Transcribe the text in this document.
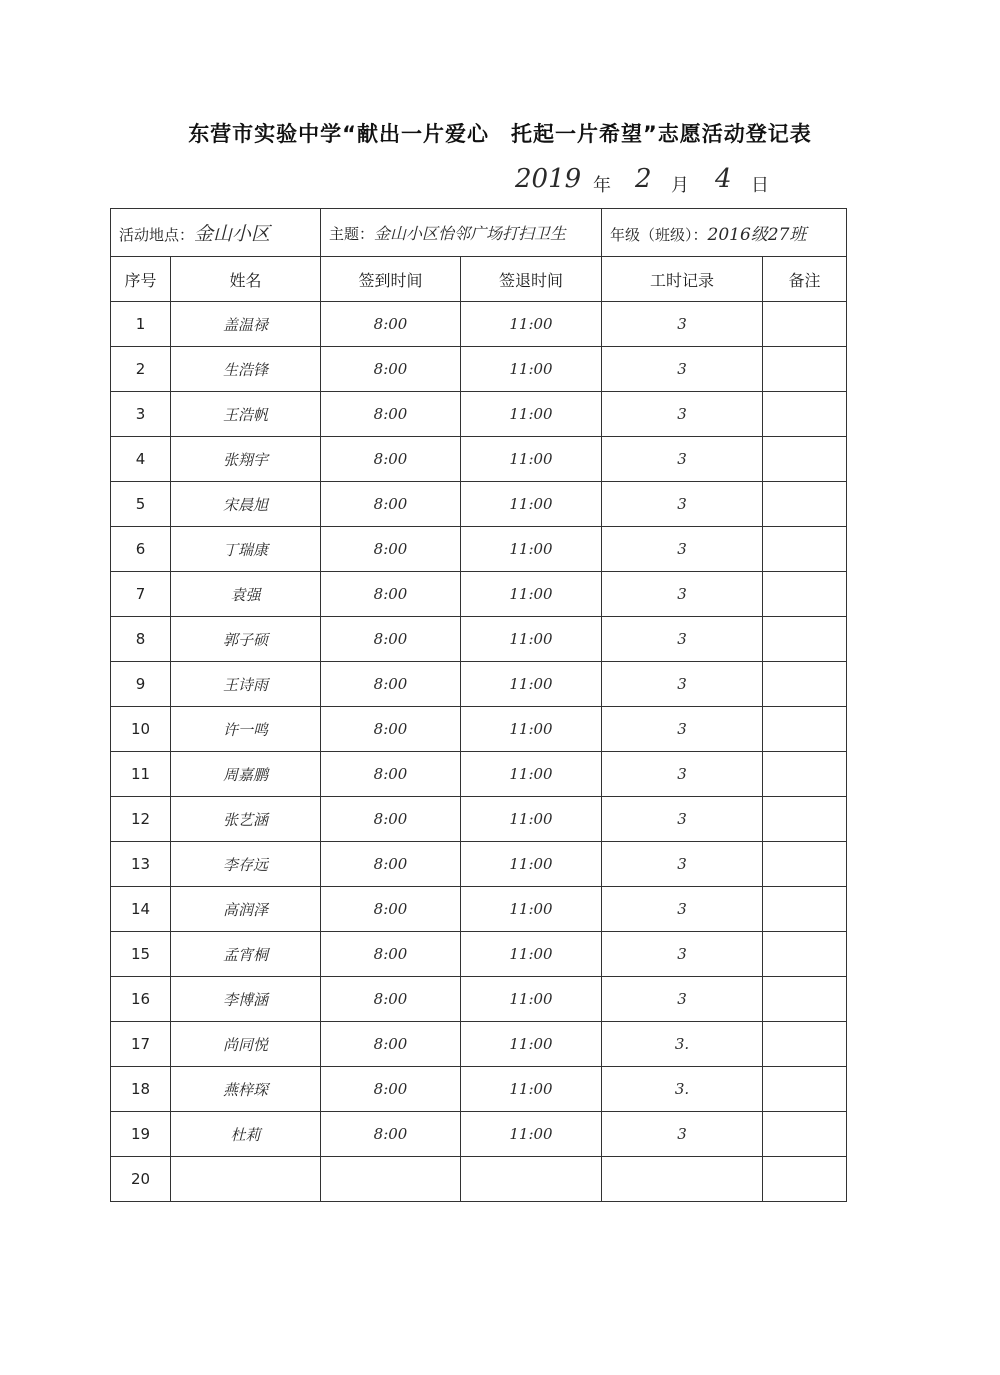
东营市实验中学“献出一片爱心　托起一片希望”志愿活动登记表
2019 年 2 月 4 日
活动地点：金山小区		主题：金山小区怡邻广场打扫卫生		年级（班级）：2016级27班	
序号	姓名	签到时间	签退时间	工时记录	备注
1	盖温禄	8:00	11:00	3	
2	生浩锋	8:00	11:00	3	
3	王浩帆	8:00	11:00	3	
4	张翔宇	8:00	11:00	3	
5	宋晨旭	8:00	11:00	3	
6	丁瑞康	8:00	11:00	3	
7	袁强	8:00	11:00	3	
8	郭子硕	8:00	11:00	3	
9	王诗雨	8:00	11:00	3	
10	许一鸣	8:00	11:00	3	
11	周嘉鹏	8:00	11:00	3	
12	张艺涵	8:00	11:00	3	
13	李存远	8:00	11:00	3	
14	高润泽	8:00	11:00	3	
15	孟宵桐	8:00	11:00	3	
16	李博涵	8:00	11:00	3	
17	尚同悦	8:00	11:00	3.	
18	燕梓琛	8:00	11:00	3.	
19	杜莉	8:00	11:00	3	
20					
